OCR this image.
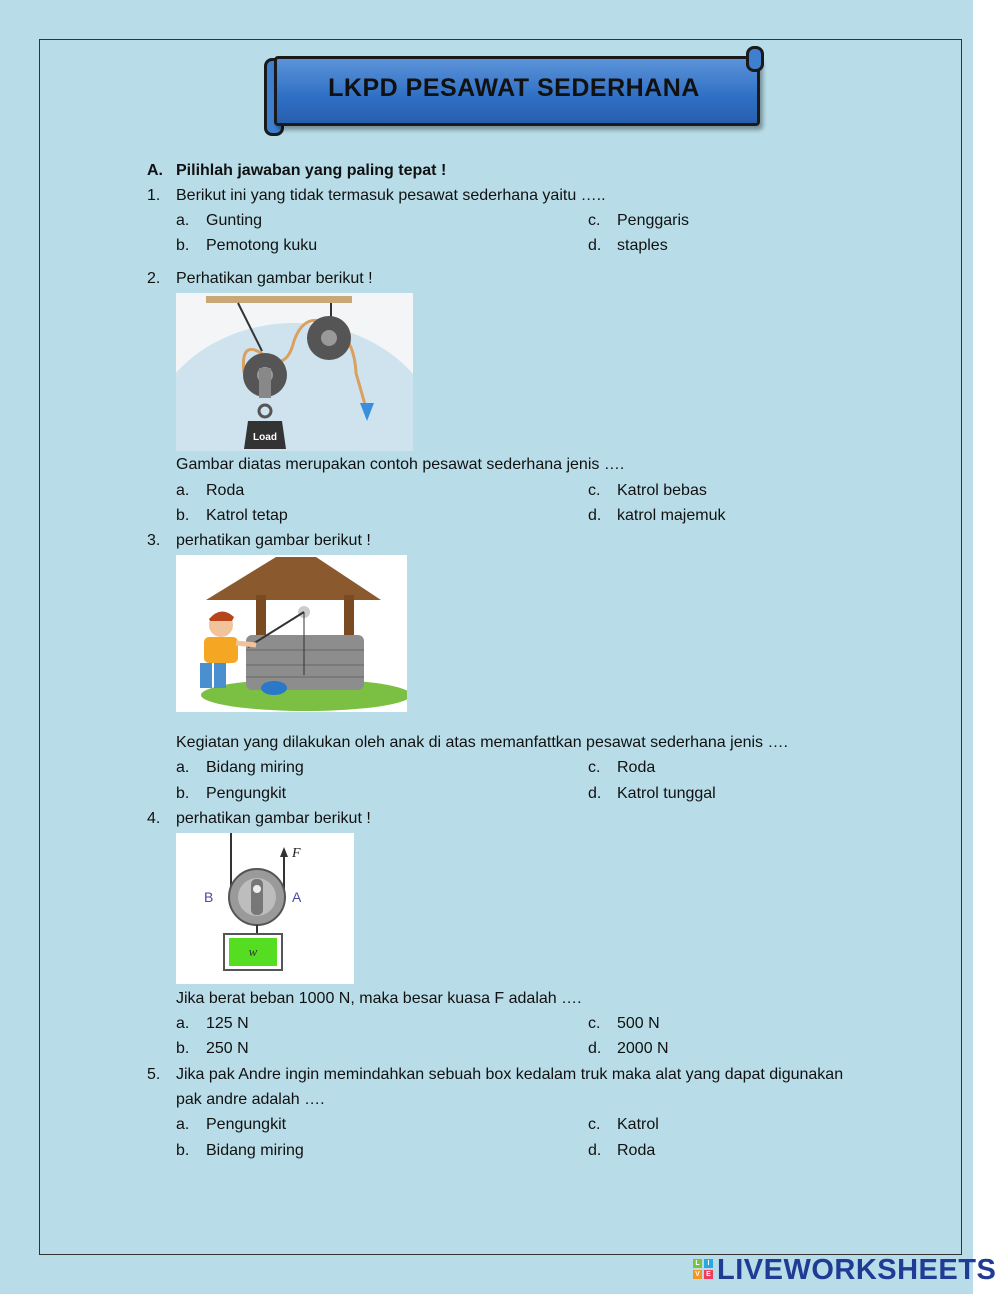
LKPD PESAWAT SEDERHANA
A. Pilihlah jawaban yang paling tepat !
1. Berikut ini yang tidak termasuk pesawat sederhana yaitu …..
a. Gunting
b. Pemotong kuku
c. Penggaris
d. staples
2. Perhatikan gambar berikut !
Load
Gambar diatas merupakan contoh pesawat sederhana jenis ….
a. Roda
b. Katrol tetap
c. Katrol bebas
d. katrol majemuk
3. perhatikan gambar berikut !
Kegiatan yang dilakukan oleh anak di atas memanfattkan pesawat sederhana jenis ….
a. Bidang miring
b. Pengungkit
c. Roda
d. Katrol tunggal
4. perhatikan gambar berikut !
F
B	A
w
Jika berat beban 1000 N, maka besar kuasa F adalah ….
a. 125 N
b. 250 N
c. 500 N
d. 2000 N
5. Jika pak Andre ingin memindahkan sebuah box kedalam truk maka alat yang dapat digunakan
pak andre adalah ….
a. Pengungkit
b. Bidang miring
c. Katrol
d. Roda
L	I
V E LIVEWORKSHEETS
